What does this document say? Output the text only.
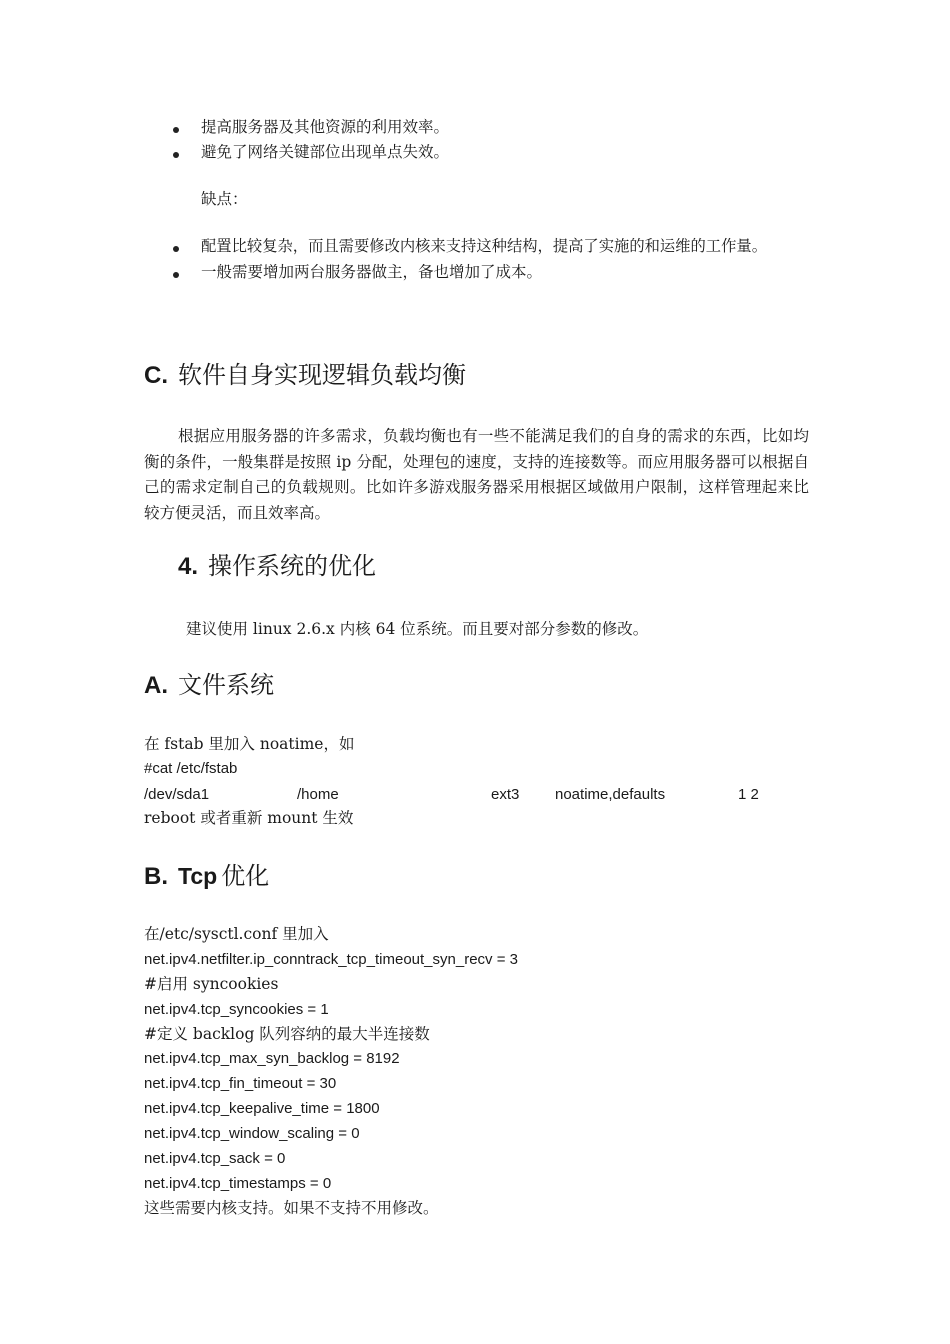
提高服务器及其他资源的利用效率。
避免了网络关键部位出现单点失效。
缺点：
配置比较复杂，而且需要修改内核来支持这种结构，提高了实施的和运维的工作量。
一般需要增加两台服务器做主，备也增加了成本。
C. 软件自身实现逻辑负载均衡
根据应用服务器的许多需求，负载均衡也有一些不能满足我们的自身的需求的东西，比如均衡的条件，一般集群是按照 ip 分配，处理包的速度，支持的连接数等。而应用服务器可以根据自己的需求定制自己的负载规则。比如许多游戏服务器采用根据区域做用户限制，这样管理起来比较方便灵活，而且效率高。
4. 操作系统的优化
建议使用 linux 2.6.x 内核 64 位系统。而且要对部分参数的修改。
A. 文件系统
在 fstab 里加入 noatime，如
#cat /etc/fstab
/dev/sda1	/home	ext3 noatime,defaults	1 2
reboot 或者重新 mount 生效
B. Tcp 优化
在/etc/sysctl.conf 里加入
net.ipv4.netfilter.ip_conntrack_tcp_timeout_syn_recv = 3
#启用 syncookies
net.ipv4.tcp_syncookies = 1
#定义 backlog 队列容纳的最大半连接数
net.ipv4.tcp_max_syn_backlog = 8192
net.ipv4.tcp_fin_timeout = 30
net.ipv4.tcp_keepalive_time = 1800
net.ipv4.tcp_window_scaling = 0
net.ipv4.tcp_sack = 0
net.ipv4.tcp_timestamps = 0
这些需要内核支持。如果不支持不用修改。
